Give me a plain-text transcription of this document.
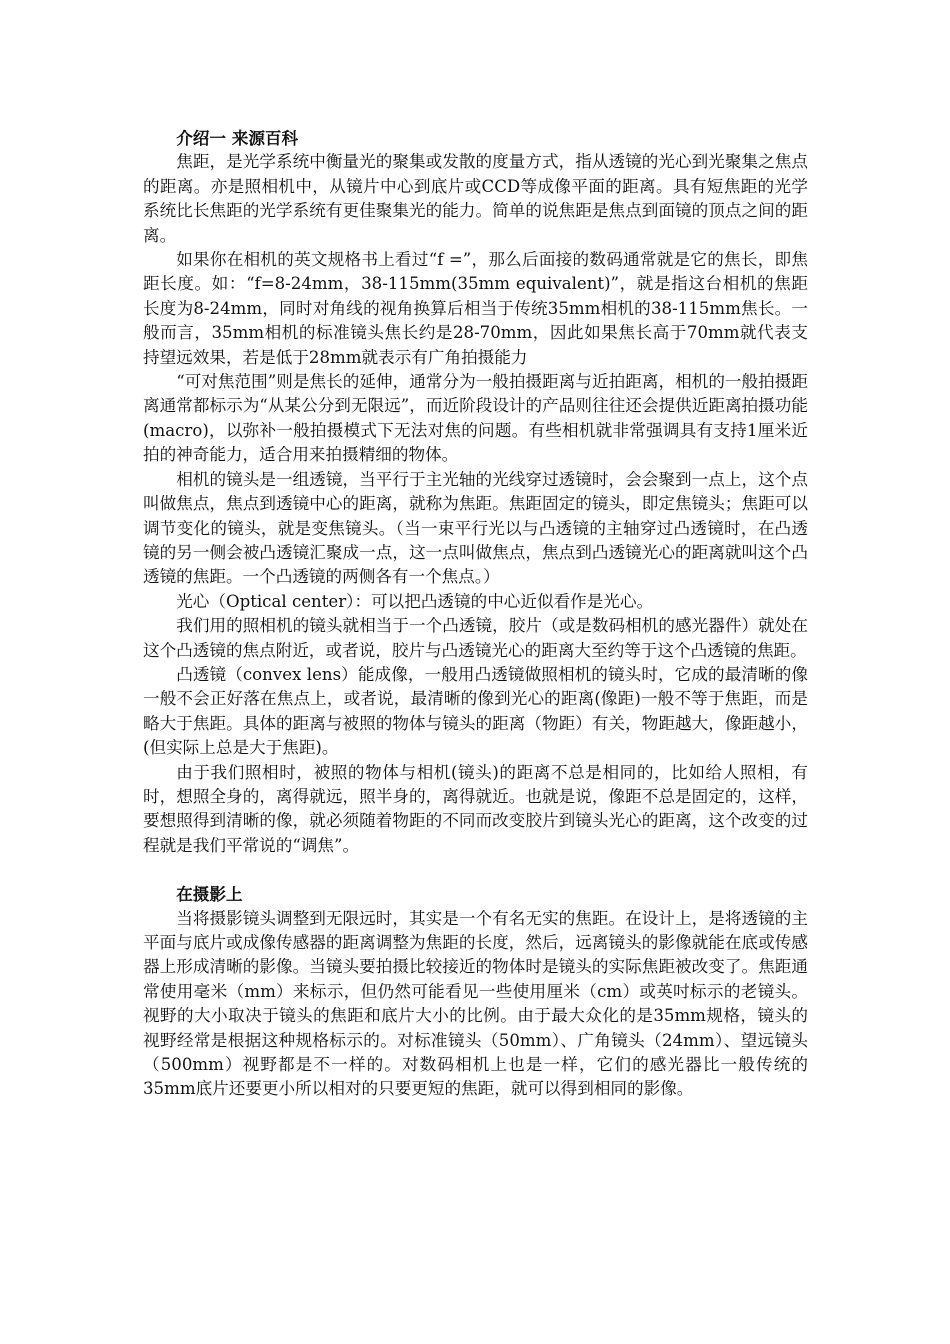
介绍一 来源百科

焦距，是光学系统中衡量光的聚集或发散的度量方式，指从透镜的光心到光聚集之焦点的距离。亦是照相机中，从镜片中心到底片或CCD等成像平面的距离。具有短焦距的光学系统比长焦距的光学系统有更佳聚集光的能力。简单的说焦距是焦点到面镜的顶点之间的距离。

如果你在相机的英文规格书上看过“f =”，那么后面接的数码通常就是它的焦长，即焦距长度。如：“f=8-24mm，38-115mm(35mm equivalent)”，就是指这台相机的焦距长度为8-24mm，同时对角线的视角换算后相当于传统35mm相机的38-115mm焦长。一般而言，35mm相机的标准镜头焦长约是28-70mm，因此如果焦长高于70mm就代表支持望远效果，若是低于28mm就表示有广角拍摄能力

“可对焦范围”则是焦长的延伸，通常分为一般拍摄距离与近拍距离，相机的一般拍摄距离通常都标示为“从某公分到无限远”，而近阶段设计的产品则往往还会提供近距离拍摄功能(macro)，以弥补一般拍摄模式下无法对焦的问题。有些相机就非常强调具有支持1厘米近拍的神奇能力，适合用来拍摄精细的物体。

相机的镜头是一组透镜，当平行于主光轴的光线穿过透镜时，会会聚到一点上，这个点叫做焦点，焦点到透镜中心的距离，就称为焦距。焦距固定的镜头，即定焦镜头；焦距可以调节变化的镜头，就是变焦镜头。（当一束平行光以与凸透镜的主轴穿过凸透镜时，在凸透镜的另一侧会被凸透镜汇聚成一点，这一点叫做焦点，焦点到凸透镜光心的距离就叫这个凸透镜的焦距。一个凸透镜的两侧各有一个焦点。）

光心（Optical center）：可以把凸透镜的中心近似看作是光心。

我们用的照相机的镜头就相当于一个凸透镜，胶片（或是数码相机的感光器件）就处在这个凸透镜的焦点附近，或者说，胶片与凸透镜光心的距离大至约等于这个凸透镜的焦距。

凸透镜（convex lens）能成像，一般用凸透镜做照相机的镜头时，它成的最清晰的像一般不会正好落在焦点上，或者说，最清晰的像到光心的距离(像距)一般不等于焦距，而是略大于焦距。具体的距离与被照的物体与镜头的距离（物距）有关，物距越大，像距越小，(但实际上总是大于焦距)。

由于我们照相时，被照的物体与相机(镜头)的距离不总是相同的，比如给人照相，有时，想照全身的，离得就远，照半身的，离得就近。也就是说，像距不总是固定的，这样，要想照得到清晰的像，就必须随着物距的不同而改变胶片到镜头光心的距离，这个改变的过程就是我们平常说的“调焦”。

在摄影上

当将摄影镜头调整到无限远时，其实是一个有名无实的焦距。在设计上，是将透镜的主平面与底片或成像传感器的距离调整为焦距的长度，然后，远离镜头的影像就能在底或传感器上形成清晰的影像。当镜头要拍摄比较接近的物体时是镜头的实际焦距被改变了。焦距通常使用毫米（mm）来标示，但仍然可能看见一些使用厘米（cm）或英吋标示的老镜头。视野的大小取决于镜头的焦距和底片大小的比例。由于最大众化的是35mm规格，镜头的视野经常是根据这种规格标示的。对标准镜头（50mm）、广角镜头（24mm）、望远镜头（500mm）视野都是不一样的。对数码相机上也是一样，它们的感光器比一般传统的35mm底片还要更小所以相对的只要更短的焦距，就可以得到相同的影像。
